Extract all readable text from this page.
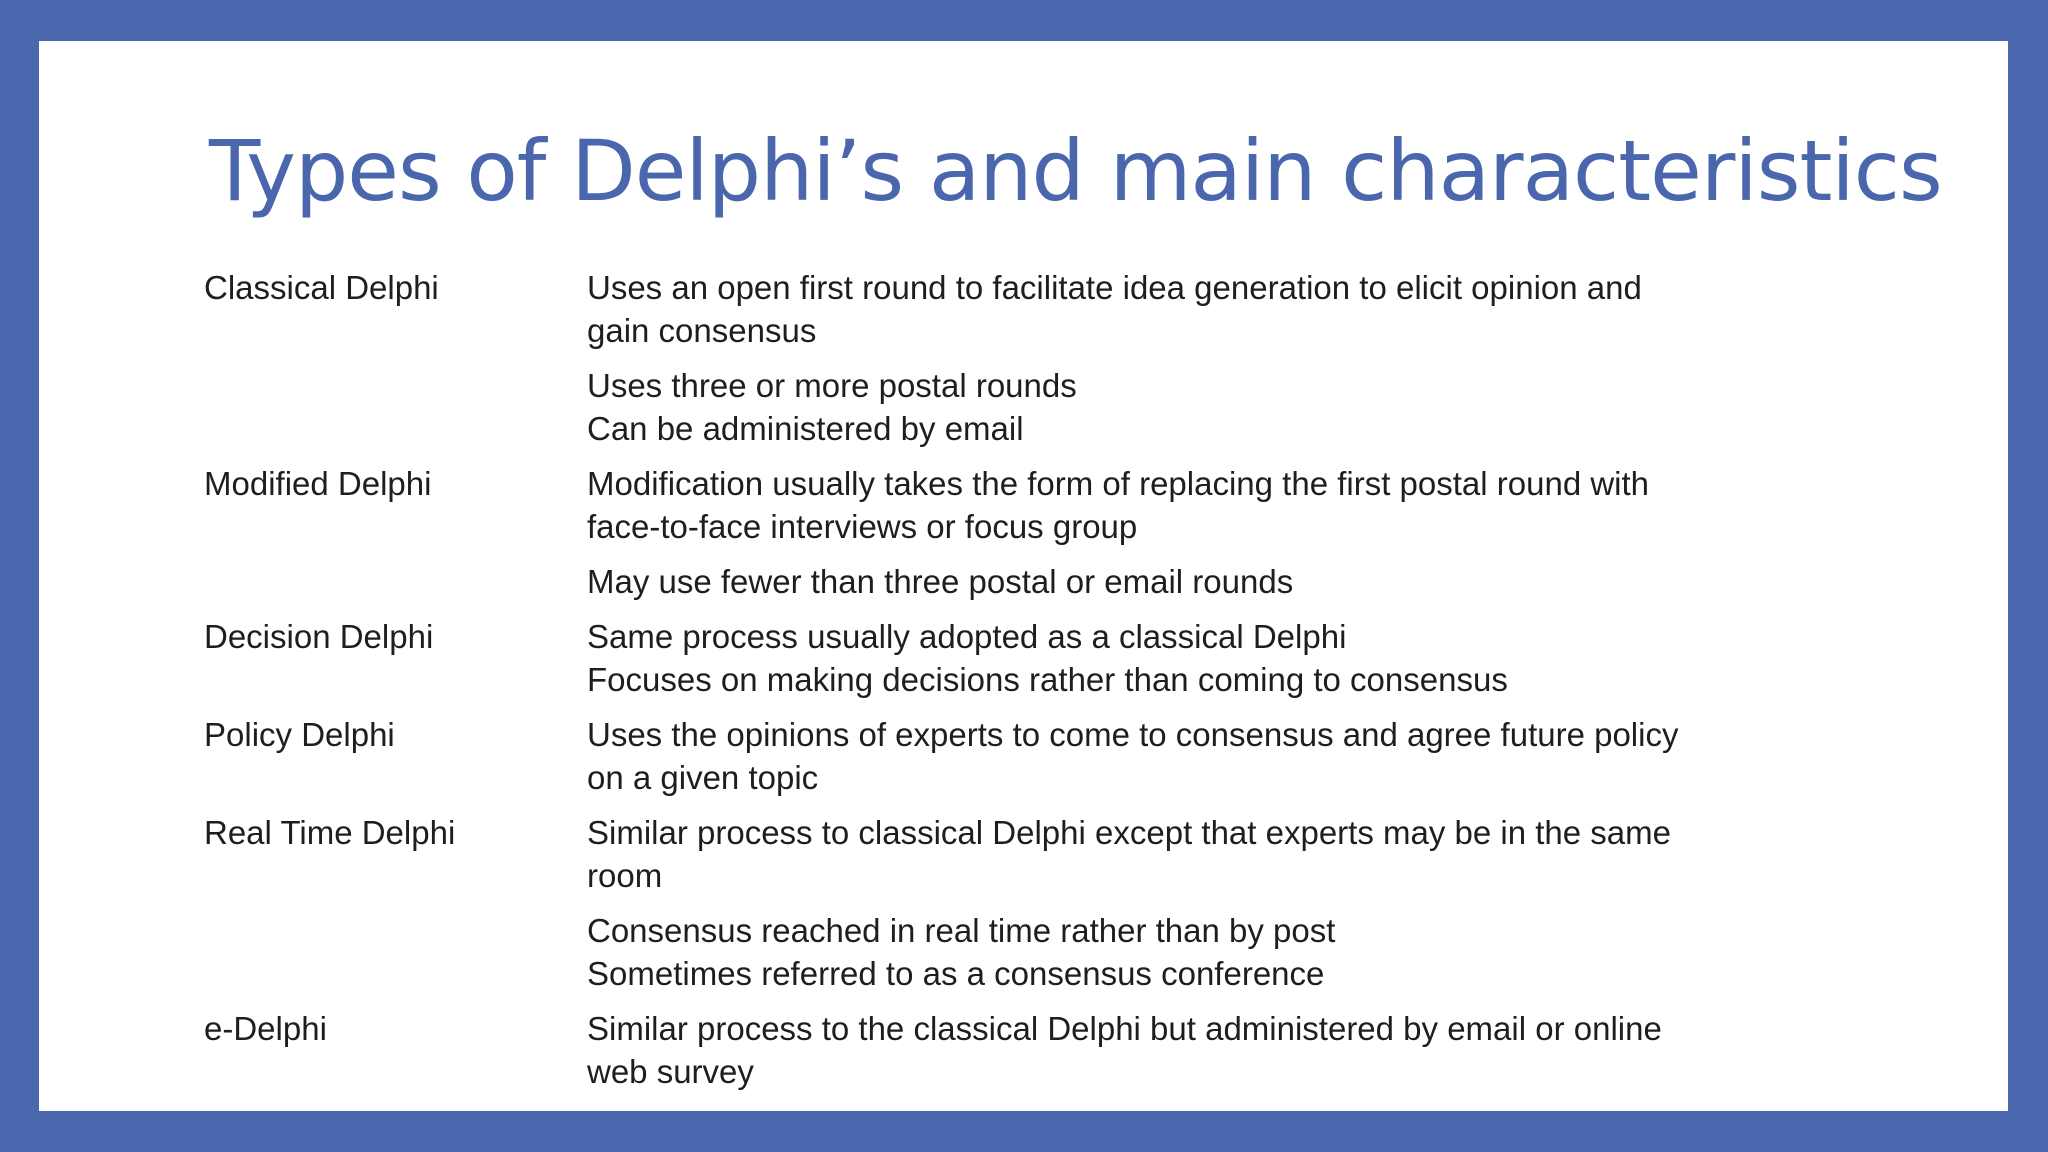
Types of Delphi’s and main characteristics
Classical Delphi	Uses an open first round to facilitate idea generation to elicit opinion and
gain consensus
Uses three or more postal rounds
Can be administered by email
Modified Delphi	Modification usually takes the form of replacing the first postal round with
face-to-face interviews or focus group
May use fewer than three postal or email rounds
Decision Delphi	Same process usually adopted as a classical Delphi
Focuses on making decisions rather than coming to consensus
Policy Delphi	Uses the opinions of experts to come to consensus and agree future policy
on a given topic
Real Time Delphi	Similar process to classical Delphi except that experts may be in the same
room
Consensus reached in real time rather than by post
Sometimes referred to as a consensus conference
e-Delphi	Similar process to the classical Delphi but administered by email or online
web survey
